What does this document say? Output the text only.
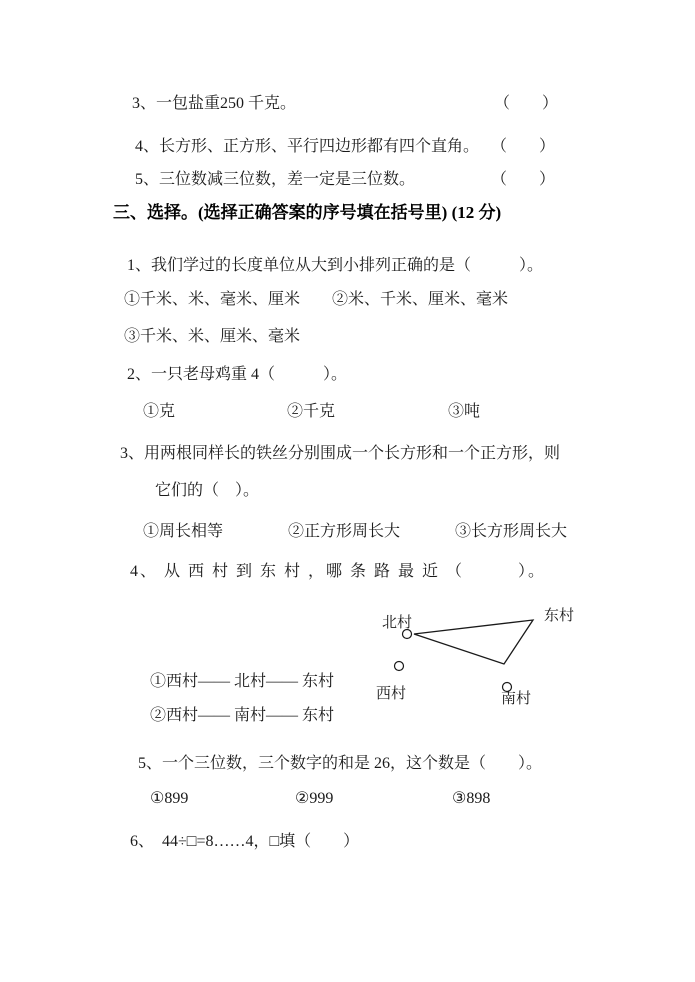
3、一包盐重250 千克。	（　　）
4、长方形、正方形、平行四边形都有四个直角。 （　　）
5、三位数减三位数，差一定是三位数。	（　　）
三、选择。(选择正确答案的序号填在括号里) (12 分)
1、我们学过的长度单位从大到小排列正确的是（　　　）。
①千米、米、毫米、厘米　　②米、千米、厘米、毫米
③千米、米、厘米、毫米
2、一只老母鸡重 4（　　　）。
①克	②千克	③吨
3、用两根同样长的铁丝分别围成一个长方形和一个正方形，则
它们的（　）。
①周长相等	②正方形周长大	③长方形周长大
4、 从 西 村 到 东 村 ，哪 条 路 最 近 （　　　）。
北村	东村
西村	南村
①西村—— 北村—— 东村
②西村—— 南村—— 东村
5、一个三位数，三个数字的和是 26，这个数是（　　）。
①899	②999	③898
6、  44÷□=8……4，□填（　　）
